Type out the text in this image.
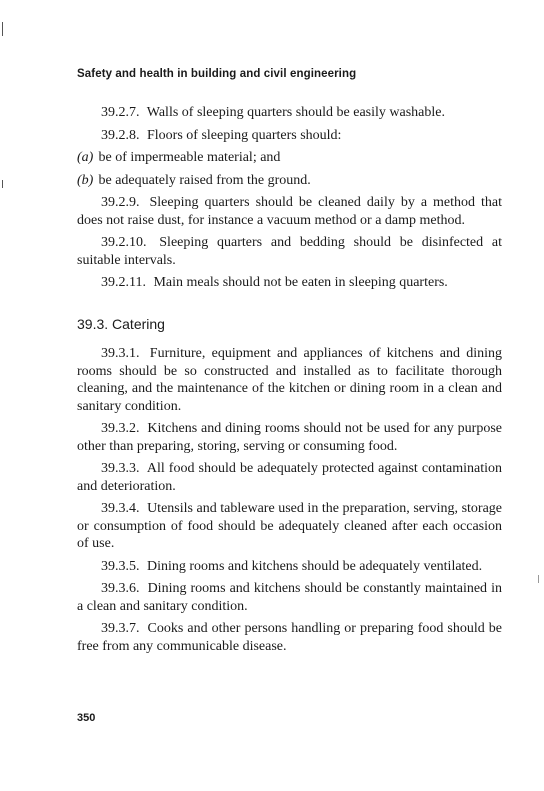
Safety and health in building and civil engineering

39.2.7. Walls of sleeping quarters should be easily washable.

39.2.8. Floors of sleeping quarters should:

(a) be of impermeable material; and

(b) be adequately raised from the ground.

39.2.9. Sleeping quarters should be cleaned daily by a method that does not raise dust, for instance a vacuum method or a damp method.

39.2.10. Sleeping quarters and bedding should be disinfected at suitable intervals.

39.2.11. Main meals should not be eaten in sleeping quarters.

39.3. Catering

39.3.1. Furniture, equipment and appliances of kitchens and dining rooms should be so constructed and installed as to facilitate thorough cleaning, and the maintenance of the kitchen or dining room in a clean and sanitary condition.

39.3.2. Kitchens and dining rooms should not be used for any purpose other than preparing, storing, serving or consuming food.

39.3.3. All food should be adequately protected against contamination and deterioration.

39.3.4. Utensils and tableware used in the preparation, serving, storage or consumption of food should be adequately cleaned after each occasion of use.

39.3.5. Dining rooms and kitchens should be adequately ventilated.

39.3.6. Dining rooms and kitchens should be constantly maintained in a clean and sanitary condition.

39.3.7. Cooks and other persons handling or preparing food should be free from any communicable disease.

350
